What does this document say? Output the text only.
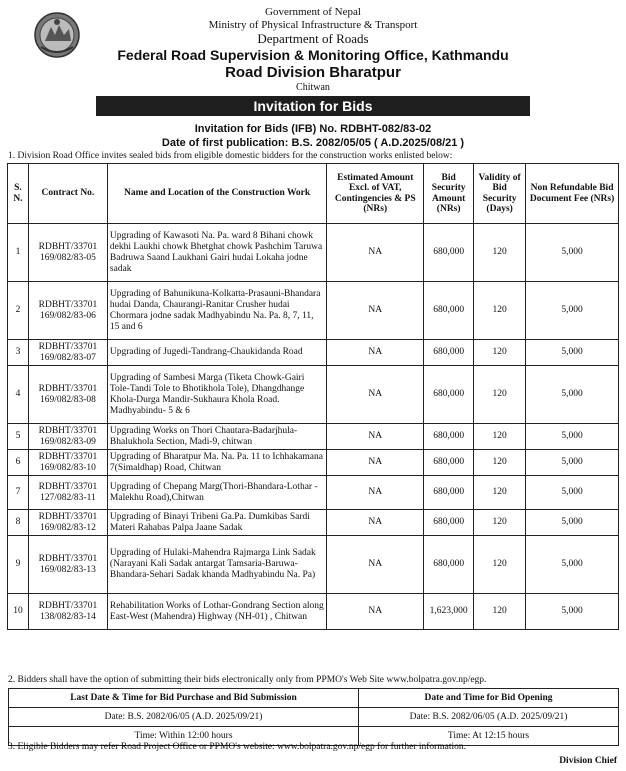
Government of Nepal
Ministry of Physical Infrastructure & Transport
Department of Roads
Federal Road Supervision & Monitoring Office, Kathmandu
Road Division Bharatpur
Chitwan
Invitation for Bids
Invitation for Bids (IFB) No. RDBHT-082/83-02
Date of first publication: B.S. 2082/05/05 ( A.D.2025/08/21 )
1. Division Road Office invites sealed bids from eligible domestic bidders for the construction works enlisted below:
S. N.	Contract No.	Name and Location of the Construction Work	Estimated Amount Excl. of VAT, Contingencies & PS (NRs)	Bid Security Amount (NRs)	Validity of Bid Security (Days)	Non Refundable Bid Document Fee (NRs)
1	RDBHT/33701 169/082/83-05	Upgrading of Kawasoti Na. Pa. ward 8 Bihani chowk dekhi Laukhi chowk Bhetghat chowk Pashchim Taruwa Badruwa Saand Laukhani Gairi hudai Lokaha jodne sadak	NA	680,000	120	5,000
2	RDBHT/33701 169/082/83-06	Upgrading of Bahunikuna-Kolkatta-Prasauni-Bhandara hudai Danda, Chaurangi-Ranitar Crusher hudai Chormara jodne sadak Madhyabindu Na. Pa. 8, 7, 11, 15 and 6	NA	680,000	120	5,000
3	RDBHT/33701 169/082/83-07	Upgrading of Jugedi-Tandrang-Chaukidanda Road	NA	680,000	120	5,000
4	RDBHT/33701 169/082/83-08	Upgrading of Sambesi Marga (Tiketa Chowk-Gairi Tole-Tandi Tole to Bhotikhola Tole), Dhangdhange Khola-Durga Mandir-Sukhaura Khola Road. Madhyabindu- 5 & 6	NA	680,000	120	5,000
5	RDBHT/33701 169/082/83-09	Upgrading Works on Thori Chautara-Badarjhula-Bhalukhola Section, Madi-9, chitwan	NA	680,000	120	5,000
6	RDBHT/33701 169/082/83-10	Upgrading of Bharatpur Ma. Na. Pa. 11 to Ichhakamana 7(Simaldhap) Road, Chitwan	NA	680,000	120	5,000
7	RDBHT/33701 127/082/83-11	Upgrading of Chepang Marg(Thori-Bhandara-Lothar -Malekhu Road),Chitwan	NA	680,000	120	5,000
8	RDBHT/33701 169/082/83-12	Upgrading of Binayi Tribeni Ga.Pa. Dumkibas Sardi Materi Rahabas Palpa Jaane Sadak	NA	680,000	120	5,000
9	RDBHT/33701 169/082/83-13	Upgrading of Hulaki-Mahendra Rajmarga Link Sadak (Narayani Kali Sadak antargat Tamsaria-Baruwa-Bhandara-Sehari Sadak khanda Madhyabindu Na. Pa)	NA	680,000	120	5,000
10	RDBHT/33701 138/082/83-14	Rehabilitation Works of Lothar-Gondrang Section along East-West (Mahendra) Highway (NH-01) , Chitwan	NA	1,623,000	120	5,000
2. Bidders shall have the option of submitting their bids electronically only from PPMO's Web Site www.bolpatra.gov.np/egp.
Last Date & Time for Bid Purchase and Bid Submission	Date and Time for Bid Opening
Date: B.S. 2082/06/05 (A.D. 2025/09/21)	Date: B.S. 2082/06/05 (A.D. 2025/09/21)
Time: Within 12:00 hours	Time: At 12:15 hours
3. Eligible Bidders may refer Road Project Office or PPMO's website: www.bolpatra.gov.np/egp for further information.
Division Chief
